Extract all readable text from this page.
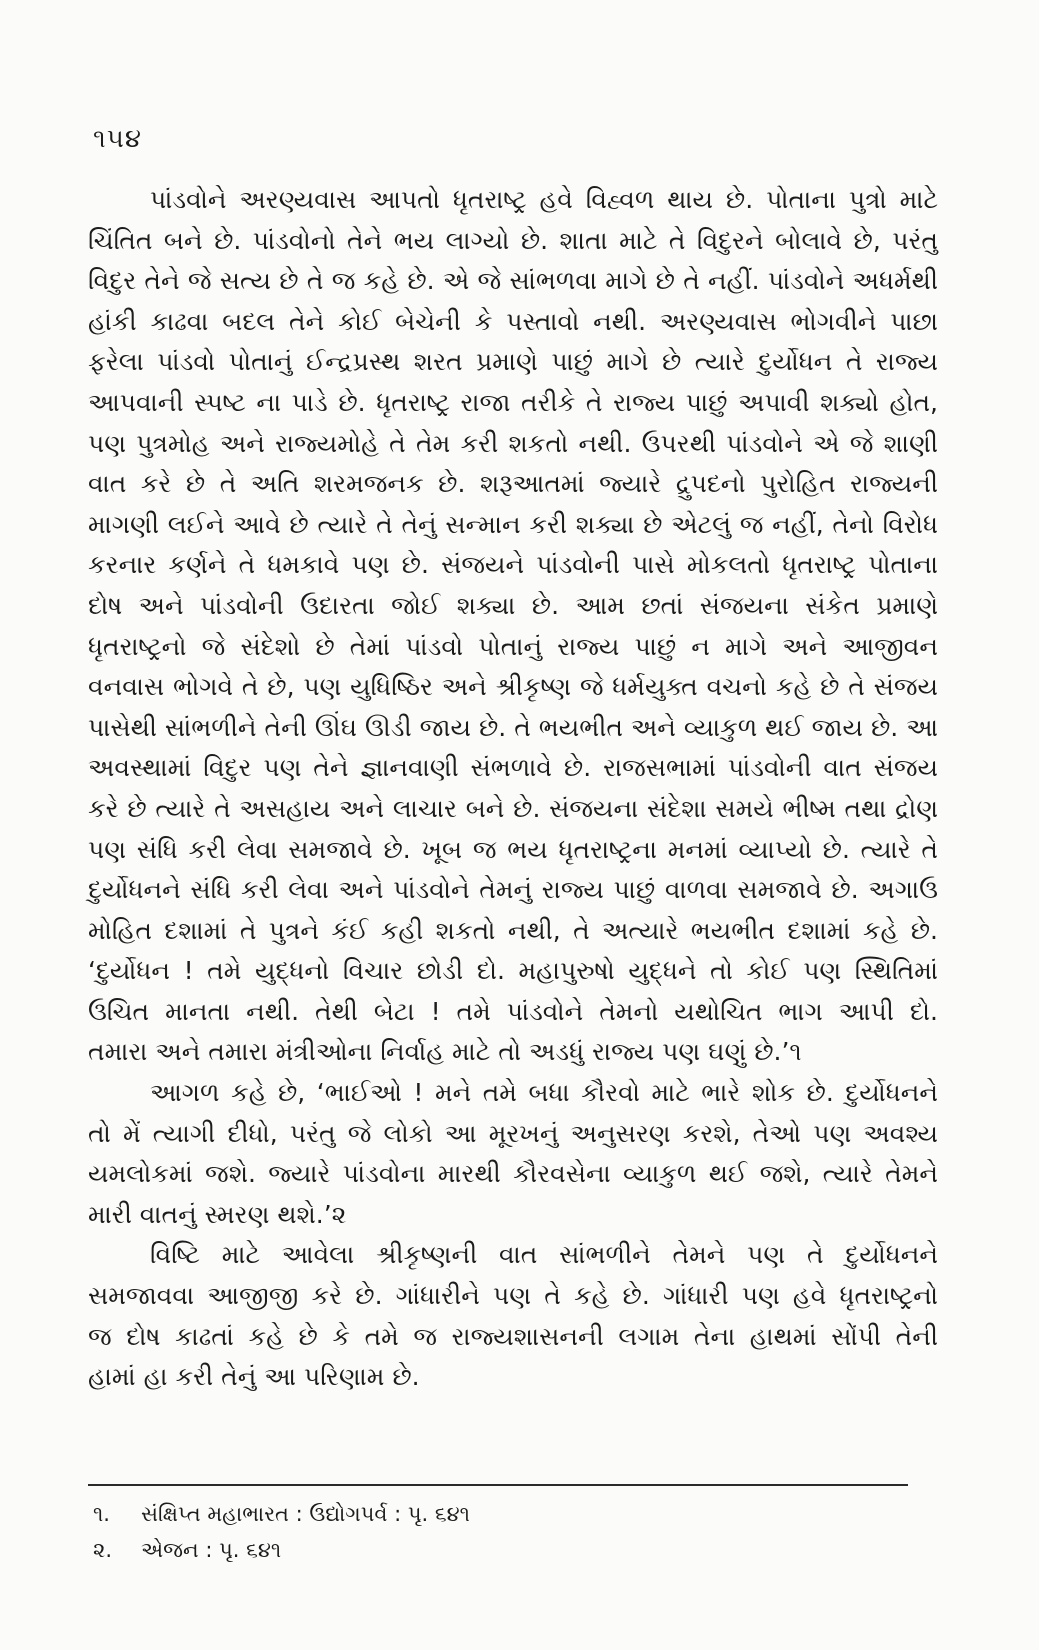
૧૫૪
પાંડવોને અરણ્યવાસ આપતો ધૃતરાષ્ટ્ર હવે વિહ્વળ થાય છે. પોતાના પુત્રો માટે
ચિંતિત બને છે. પાંડવોનો તેને ભય લાગ્યો છે. શાતા માટે તે વિદુરને બોલાવે છે, પરંતુ
વિદુર તેને જે સત્ય છે તે જ કહે છે. એ જે સાંભળવા માગે છે તે નહીં. પાંડવોને અધર્મથી
હાંકી કાઢવા બદલ તેને કોઈ બેચેની કે પસ્તાવો નથી. અરણ્યવાસ ભોગવીને પાછા
ફરેલા પાંડવો પોતાનું ઈન્દ્રપ્રસ્થ શરત પ્રમાણે પાછું માગે છે ત્યારે દુર્યોધન તે રાજ્ય
આપવાની સ્પષ્ટ ના પાડે છે. ધૃતરાષ્ટ્ર રાજા તરીકે તે રાજ્ય પાછું અપાવી શક્યો હોત,
પણ પુત્રમોહ અને રાજ્યમોહે તે તેમ કરી શકતો નથી. ઉપરથી પાંડવોને એ જે શાણી
વાત કરે છે તે અતિ શરમજનક છે. શરૂઆતમાં જ્યારે દ્રુપદનો પુરોહિત રાજ્યની
માગણી લઈને આવે છે ત્યારે તે તેનું સન્માન કરી શક્યા છે એટલું જ નહીં, તેનો વિરોધ
કરનાર કર્ણને તે ધમકાવે પણ છે. સંજયને પાંડવોની પાસે મોકલતો ધૃતરાષ્ટ્ર પોતાના
દોષ અને પાંડવોની ઉદારતા જોઈ શક્યા છે. આમ છતાં સંજયના સંકેત પ્રમાણે
ધૃતરાષ્ટ્રનો જે સંદેશો છે તેમાં પાંડવો પોતાનું રાજ્ય પાછું ન માગે અને આજીવન
વનવાસ ભોગવે તે છે, પણ યુધિષ્ઠિર અને શ્રીકૃષ્ણ જે ધર્મયુક્ત વચનો કહે છે તે સંજય
પાસેથી સાંભળીને તેની ઊંઘ ઊડી જાય છે. તે ભયભીત અને વ્યાકુળ થઈ જાય છે. આ
અવસ્થામાં વિદુર પણ તેને જ્ઞાનવાણી સંભળાવે છે. રાજસભામાં પાંડવોની વાત સંજય
કરે છે ત્યારે તે અસહાય અને લાચાર બને છે. સંજયના સંદેશા સમયે ભીષ્મ તથા દ્રોણ
પણ સંધિ કરી લેવા સમજાવે છે. ખૂબ જ ભય ધૃતરાષ્ટ્રના મનમાં વ્યાપ્યો છે. ત્યારે તે
દુર્યોધનને સંધિ કરી લેવા અને પાંડવોને તેમનું રાજ્ય પાછું વાળવા સમજાવે છે. અગાઉ
મોહિત દશામાં તે પુત્રને કંઈ કહી શકતો નથી, તે અત્યારે ભયભીત દશામાં કહે છે.
‘દુર્યોધન ! તમે યુદ્ધનો વિચાર છોડી દો. મહાપુરુષો યુદ્ધને તો કોઈ પણ સ્થિતિમાં
ઉચિત માનતા નથી. તેથી બેટા ! તમે પાંડવોને તેમનો યથોચિત ભાગ આપી દો.
તમારા અને તમારા મંત્રીઓના નિર્વાહ માટે તો અડધું રાજ્ય પણ ઘણું છે.’૧
આગળ કહે છે, ‘ભાઈઓ ! મને તમે બધા કૌરવો માટે ભારે શોક છે. દુર્યોધનને
તો મેં ત્યાગી દીધો, પરંતુ જે લોકો આ મૂરખનું અનુસરણ કરશે, તેઓ પણ અવશ્ય
યમલોકમાં જશે. જ્યારે પાંડવોના મારથી કૌરવસેના વ્યાકુળ થઈ જશે, ત્યારે તેમને
મારી વાતનું સ્મરણ થશે.’૨
વિષ્ટિ માટે આવેલા શ્રીકૃષ્ણની વાત સાંભળીને તેમને પણ તે દુર્યોધનને
સમજાવવા આજીજી કરે છે. ગાંધારીને પણ તે કહે છે. ગાંધારી પણ હવે ધૃતરાષ્ટ્રનો
જ દોષ કાઢતાં કહે છે કે તમે જ રાજ્યશાસનની લગામ તેના હાથમાં સોંપી તેની
હામાં હા કરી તેનું આ પરિણામ છે.
૧. સંક્ષિપ્ત મહાભારત : ઉદ્યોગપર્વ : પૃ. ૬૪૧
૨. એજન : પૃ. ૬૪૧
